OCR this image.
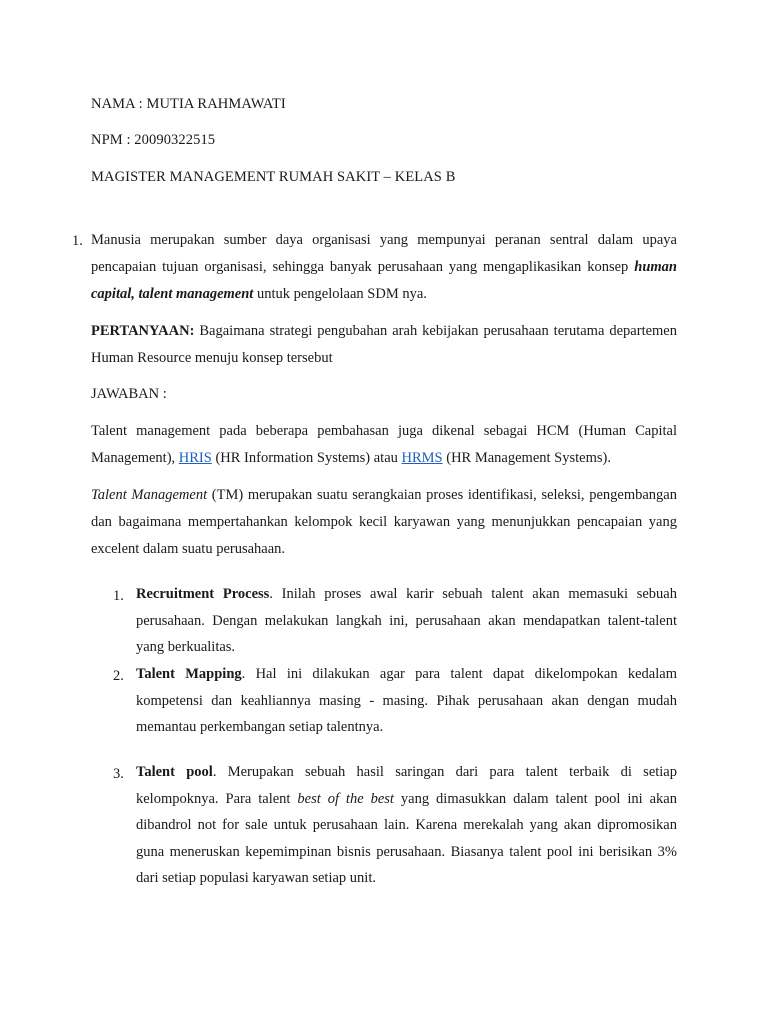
NAMA : MUTIA RAHMAWATI

NPM : 20090322515

MAGISTER MANAGEMENT RUMAH SAKIT – KELAS B

1. Manusia merupakan sumber daya organisasi yang mempunyai peranan sentral dalam upaya pencapaian tujuan organisasi, sehingga banyak perusahaan yang mengaplikasikan konsep human capital, talent management untuk pengelolaan SDM nya.

PERTANYAAN: Bagaimana strategi pengubahan arah kebijakan perusahaan terutama departemen Human Resource menuju konsep tersebut

JAWABAN :

Talent management pada beberapa pembahasan juga dikenal sebagai HCM (Human Capital Management), HRIS (HR Information Systems) atau HRMS (HR Management Systems).

Talent Management (TM) merupakan suatu serangkaian proses identifikasi, seleksi, pengembangan dan bagaimana mempertahankan kelompok kecil karyawan yang menunjukkan pencapaian yang excelent dalam suatu perusahaan.

1. Recruitment Process. Inilah proses awal karir sebuah talent akan memasuki sebuah perusahaan. Dengan melakukan langkah ini, perusahaan akan mendapatkan talent-talent yang berkualitas.

2. Talent Mapping. Hal ini dilakukan agar para talent dapat dikelompokan kedalam kompetensi dan keahliannya masing - masing. Pihak perusahaan akan dengan mudah memantau perkembangan setiap talentnya.

3. Talent pool. Merupakan sebuah hasil saringan dari para talent terbaik di setiap kelompoknya. Para talent best of the best yang dimasukkan dalam talent pool ini akan dibandrol not for sale untuk perusahaan lain. Karena merekalah yang akan dipromosikan guna meneruskan kepemimpinan bisnis perusahaan. Biasanya talent pool ini berisikan 3% dari setiap populasi karyawan setiap unit.
